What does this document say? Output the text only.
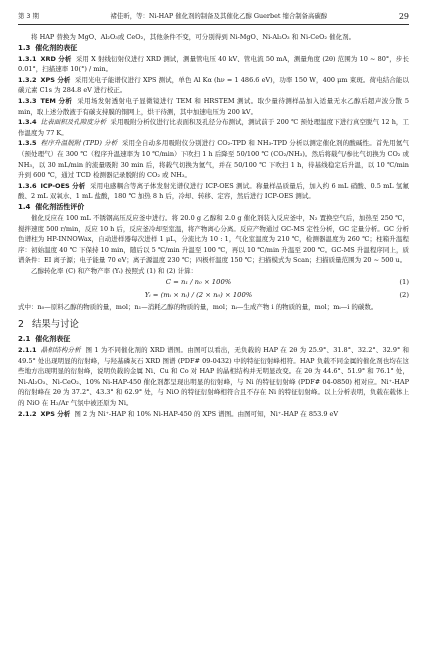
第 3 期	褚佳昕，等：Ni-HAP 催化剂的制备及其催化乙醇 Guerbet 缩合制备高碳醇	29

将 HAP 替换为 MgO、Al₂O₃或 CeO₂，其他条件不变，可分别得到 Ni-MgO、Ni-Al₂O₃ 和 Ni-CeO₂ 催化剂。

1.3 催化剂的表征

1.3.1 XRD 分析 采用 X 射线衍射仪进行 XRD 测试，测量管电压 40 kV、管电流 50 mA，测量角度 (2θ) 范围为 10 ~ 80°，步长 0.01°，扫描速率 10(°) / min。

1.3.2 XPS 分析 采用光电子能谱仪进行 XPS 测试，单色 Al Kα (hν = 1 486.6 eV)，功率 150 W，400 μm 束斑。荷电结合能以碳元素 C1s 为 284.8 eV 进行校正。

1.3.3 TEM 分析 采用场发射透射电子显微镜进行 TEM 和 HRSTEM 测试。取少量待测样品加入适量无水乙醇后超声波分散 5 min，取上述分散液于有碳支持膜的铜网上，烘干待测，其中加速电压为 200 kV。

1.3.4 比表面积及孔隙度分析 采用吸附分析仪进行比表面积及孔径分布测试，测试前于 200 ℃ 预处理温度下进行真空脱气 12 h，工作温度为 77 K。

1.3.5 程序升温脱附 (TPD) 分析 采用全自动多用吸附仪分别进行 CO₂-TPD 和 NH₃-TPD 分析以测定催化剂的酸碱性。首先用氦气（预处理气）在 300 ℃（程序升温速率为 10 ℃/min）下吹扫 1 h 后降至 50/100 ℃ (CO₂/NH₃)。然后将载气/参比气切换为 CO₂ 或 NH₃，以 30 mL/min 的流量吸附 30 min 后，将载气切换为氦气，并在 50/100 ℃ 下吹扫 1 h，待基线稳定后升温，以 10 ℃/min 升到 600 ℃，通过 TCD 检测器记录脱附的 CO₂ 或 NH₃。

1.3.6 ICP-OES 分析 采用电感耦合等离子体发射光谱仪进行 ICP-OES 测试。称量样品质量后，加入约 6 mL 硝酸、0.5 mL 氢氟酸、2 mL 双氧水、1 mL 盐酸，180 ℃ 加热 8 h 后，冷却、转移、定容，然后进行 ICP-OES 测试。

1.4 催化剂活性评价

催化反应在 100 mL 不锈钢高压反应釜中进行。将 20.0 g 乙醇和 2.0 g 催化剂装入反应釜中，N₂ 置换空气后，加热至 250 ℃，搅拌速度 500 r/min，反应 10 h 后，反应釜冷却至室温，将产物离心分离。反应产物通过 GC-MS 定性分析，GC 定量分析。GC 分析色谱柱为 HP-INNOWax，自动进样器每次进样 1 μL，分流比为 10 : 1，气化室温度为 210 ℃，检测器温度为 260 ℃；柱箱升温程序：初始温度 40 ℃ 下保持 10 min，随后以 5 ℃/min 升温至 100 ℃，再以 10 ℃/min 升温至 200 ℃。GC-MS 升温程序同上，质谱条件：EI 离子源；电子能量 70 eV；离子源温度 230 ℃；四极杆温度 150 ℃；扫描模式为 Scan；扫描质量范围为 20 ~ 500 u。

乙醇转化率 (C) 和产物产率 (Yᵢ) 按照式 (1) 和 (2) 计算：

C = n₁ / n₀ × 100%	(1)
Yᵢ = (mᵢ × nᵢ) / (2 × n₀) × 100%	(2)

式中：n₀—原料乙醇的物质的量，mol；n₁—消耗乙醇的物质的量，mol；nᵢ—生成产物 i 的物质的量，mol；mᵢ—i 的碳数。

2 结果与讨论

2.1 催化剂表征

2.1.1 晶相结构分析 图 1 为不同催化剂的 XRD 谱图。由图可以看出，无负载的 HAP 在 2θ 为 25.9°、31.8°、32.2°、32.9° 和 49.5° 处出现明显的衍射峰，与羟基磷灰石 XRD 图谱 (PDF# 09-0432) 中的特征衍射峰相符。HAP 负载不同金属的催化剂也均在这些地方出现明显的衍射峰，说明负载的金属 Ni、Cu 和 Co 对 HAP 的晶相结构并无明显改变。在 2θ 为 44.6°、51.9° 和 76.1° 处，Ni-Al₂O₃、Ni-CeO₂、10% Ni-HAP-450 催化剂都呈现出明显的衍射峰，与 Ni 的特征衍射峰 (PDF# 04-0850) 相对应。Ni⁺-HAP 的衍射峰在 2θ 为 37.2°、43.3° 和 62.9° 处，与 NiO 的特征衍射峰相符合且不存在 Ni 的特征衍射峰。以上分析表明，负载在载体上的 NiO 在 H₂/Ar 气氛中被还原为 Ni。

2.1.2 XPS 分析 图 2 为 Ni⁺-HAP 和 10% Ni-HAP-450 的 XPS 谱图。由图可知，Ni⁺-HAP 在 853.9 eV
